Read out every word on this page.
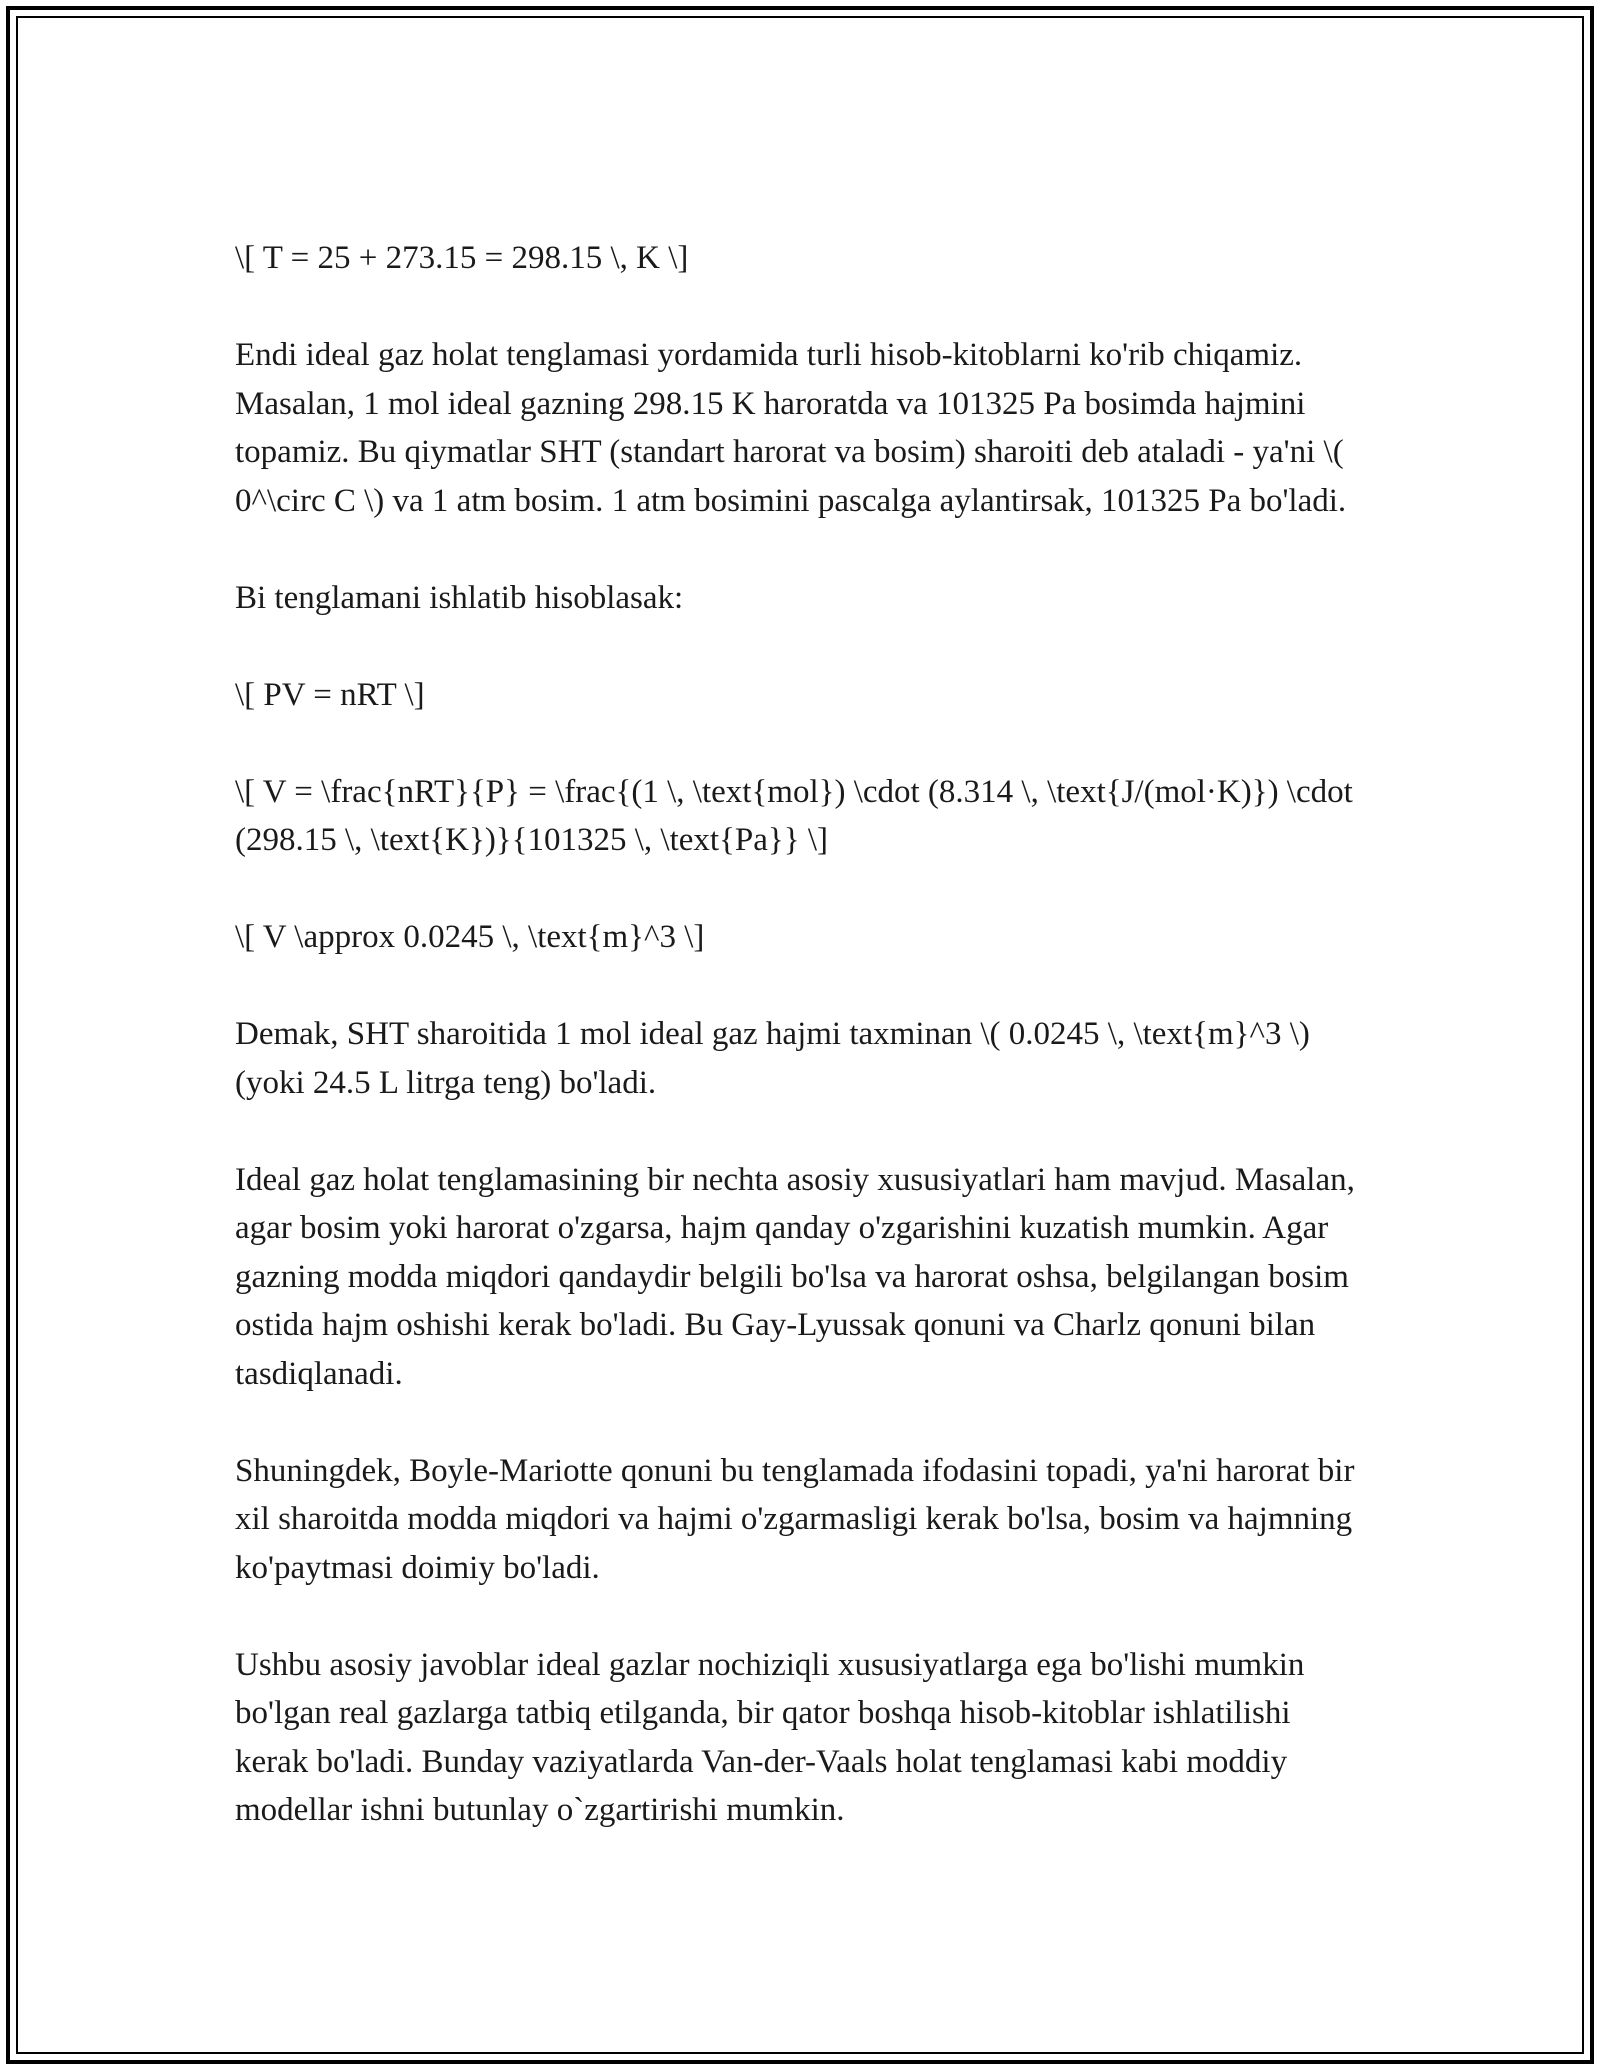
\[ T = 25 + 273.15 = 298.15 \, K \]

Endi ideal gaz holat tenglamasi yordamida turli hisob-kitoblarni ko'rib chiqamiz. Masalan, 1 mol ideal gazning 298.15 K haroratda va 101325 Pa bosimda hajmini topamiz. Bu qiymatlar SHT (standart harorat va bosim) sharoiti deb ataladi - ya'ni \( 0^\circ C \) va 1 atm bosim. 1 atm bosimini pascalga aylantirsak, 101325 Pa bo'ladi.

Bi tenglamani ishlatib hisoblasak:

\[ PV = nRT \]

\[ V = \frac{nRT}{P} = \frac{(1 \, \text{mol}) \cdot (8.314 \, \text{J/(mol·K)}) \cdot (298.15 \, \text{K})}{101325 \, \text{Pa}} \]

\[ V \approx 0.0245 \, \text{m}^3 \]

Demak, SHT sharoitida 1 mol ideal gaz hajmi taxminan \( 0.0245 \, \text{m}^3 \) (yoki 24.5 L litrga teng) bo'ladi.

Ideal gaz holat tenglamasining bir nechta asosiy xususiyatlari ham mavjud. Masalan, agar bosim yoki harorat o'zgarsa, hajm qanday o'zgarishini kuzatish mumkin. Agar gazning modda miqdori qandaydir belgili bo'lsa va harorat oshsa, belgilangan bosim ostida hajm oshishi kerak bo'ladi. Bu Gay-Lyussak qonuni va Charlz qonuni bilan tasdiqlanadi.

Shuningdek, Boyle-Mariotte qonuni bu tenglamada ifodasini topadi, ya'ni harorat bir xil sharoitda modda miqdori va hajmi o'zgarmasligi kerak bo'lsa, bosim va hajmning ko'paytmasi doimiy bo'ladi.

Ushbu asosiy javoblar ideal gazlar nochiziqli xususiyatlarga ega bo'lishi mumkin bo'lgan real gazlarga tatbiq etilganda, bir qator boshqa hisob-kitoblar ishlatilishi kerak bo'ladi. Bunday vaziyatlarda Van-der-Vaals holat tenglamasi kabi moddiy modellar ishni butunlay o`zgartirishi mumkin.
